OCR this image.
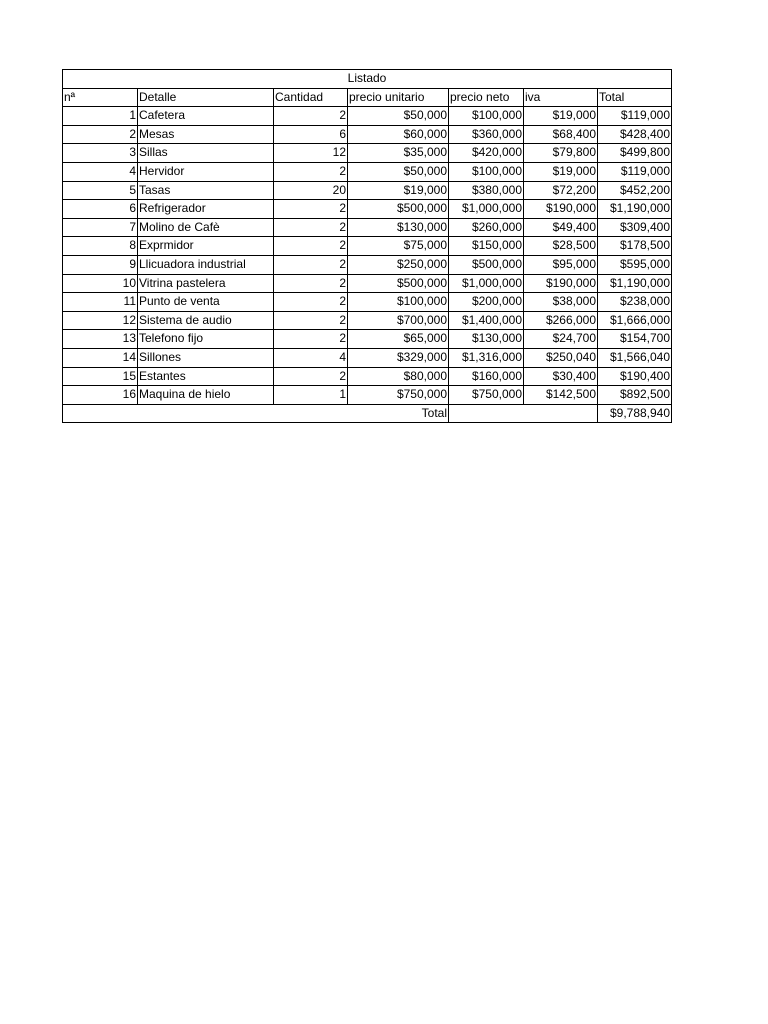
Listado						
nª	Detalle	Cantidad	precio unitario	precio neto	iva	Total
1	Cafetera	2	$50,000	$100,000	$19,000	$119,000
2	Mesas	6	$60,000	$360,000	$68,400	$428,400
3	Sillas	12	$35,000	$420,000	$79,800	$499,800
4	Hervidor	2	$50,000	$100,000	$19,000	$119,000
5	Tasas	20	$19,000	$380,000	$72,200	$452,200
6	Refrigerador	2	$500,000	$1,000,000	$190,000	$1,190,000
7	Molino de Cafè	2	$130,000	$260,000	$49,400	$309,400
8	Exprmidor	2	$75,000	$150,000	$28,500	$178,500
9	Llicuadora industrial	2	$250,000	$500,000	$95,000	$595,000
10	Vitrina pastelera	2	$500,000	$1,000,000	$190,000	$1,190,000
11	Punto de venta	2	$100,000	$200,000	$38,000	$238,000
12	Sistema de audio	2	$700,000	$1,400,000	$266,000	$1,666,000
13	Telefono fijo	2	$65,000	$130,000	$24,700	$154,700
14	Sillones	4	$329,000	$1,316,000	$250,040	$1,566,040
15	Estantes	2	$80,000	$160,000	$30,400	$190,400
16	Maquina de hielo	1	$750,000	$750,000	$142,500	$892,500
Total						$9,788,940
